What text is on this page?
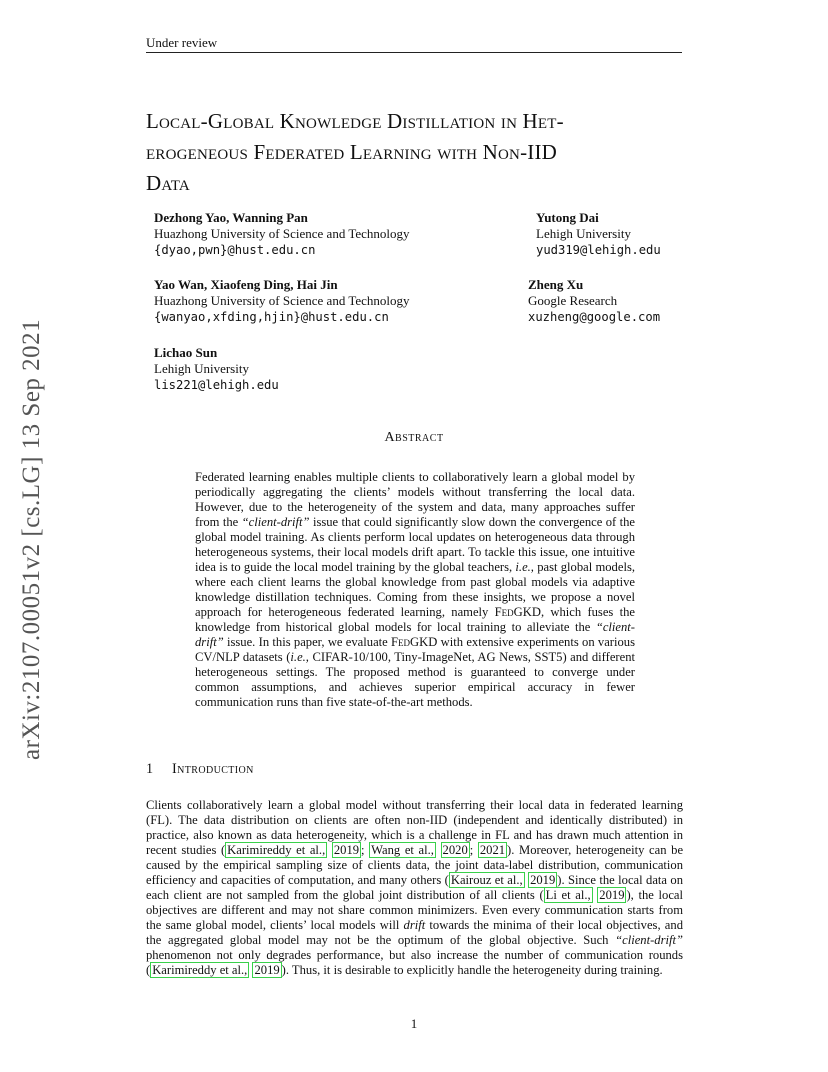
Under review
Local-Global Knowledge Distillation in Het-
erogeneous Federated Learning with Non-IID
Data
Dezhong Yao, Wanning Pan
Huazhong University of Science and Technology
{dyao,pwn}@hust.edu.cn
Yutong Dai
Lehigh University
yud319@lehigh.edu
Yao Wan, Xiaofeng Ding, Hai Jin
Huazhong University of Science and Technology
{wanyao,xfding,hjin}@hust.edu.cn
Zheng Xu
Google Research
xuzheng@google.com
Lichao Sun
Lehigh University
lis221@lehigh.edu
arXiv:2107.00051v2 [cs.LG] 13 Sep 2021	Abstract

Federated learning enables multiple clients to collaboratively learn a global model by periodically aggregating the clients’ models without transferring the local data. However, due to the heterogeneity of the system and data, many approaches suffer from the “client-drift” issue that could significantly slow down the convergence of the global model training. As clients perform local updates on heterogeneous data through heterogeneous systems, their local models drift apart. To tackle this issue, one intuitive idea is to guide the local model training by the global teachers, i.e., past global models, where each client learns the global knowledge from past global models via adaptive knowledge distillation techniques. Coming from these insights, we propose a novel approach for heterogeneous federated learning, namely FedGKD, which fuses the knowledge from historical global models for local training to alleviate the “client-drift” issue. In this paper, we evaluate FedGKD with extensive experiments on various CV/NLP datasets (i.e., CIFAR-10/100, Tiny-ImageNet, AG News, SST5) and different heterogeneous settings. The proposed method is guaranteed to converge under common assumptions, and achieves superior empirical accuracy in fewer communication runs than five state-of-the-art methods.

1 Introduction

Clients collaboratively learn a global model without transferring their local data in federated learning (FL). The data distribution on clients are often non-IID (independent and identically distributed) in practice, also known as data heterogeneity, which is a challenge in FL and has drawn much attention in recent studies ( Karimireddy et al., 2019 ; Wang et al., 2020 ; 2021 ). Moreover, heterogeneity can be caused by the empirical sampling size of clients data, the joint data-label distribution, communication efficiency and capacities of computation, and many others ( Kairouz et al., 2019 ). Since the local data on each client are not sampled from the global joint distribution of all clients ( Li et al., 2019 ), the local objectives are different and may not share common minimizers. Even every communication starts from the same global model, clients’ local models will drift towards the minima of their local objectives, and the aggregated global model may not be the optimum of the global objective. Such “client-drift” phenomenon not only degrades performance, but also increase the number of communication rounds ( Karimireddy et al., 2019 ). Thus, it is desirable to explicitly handle the heterogeneity during training.

1
